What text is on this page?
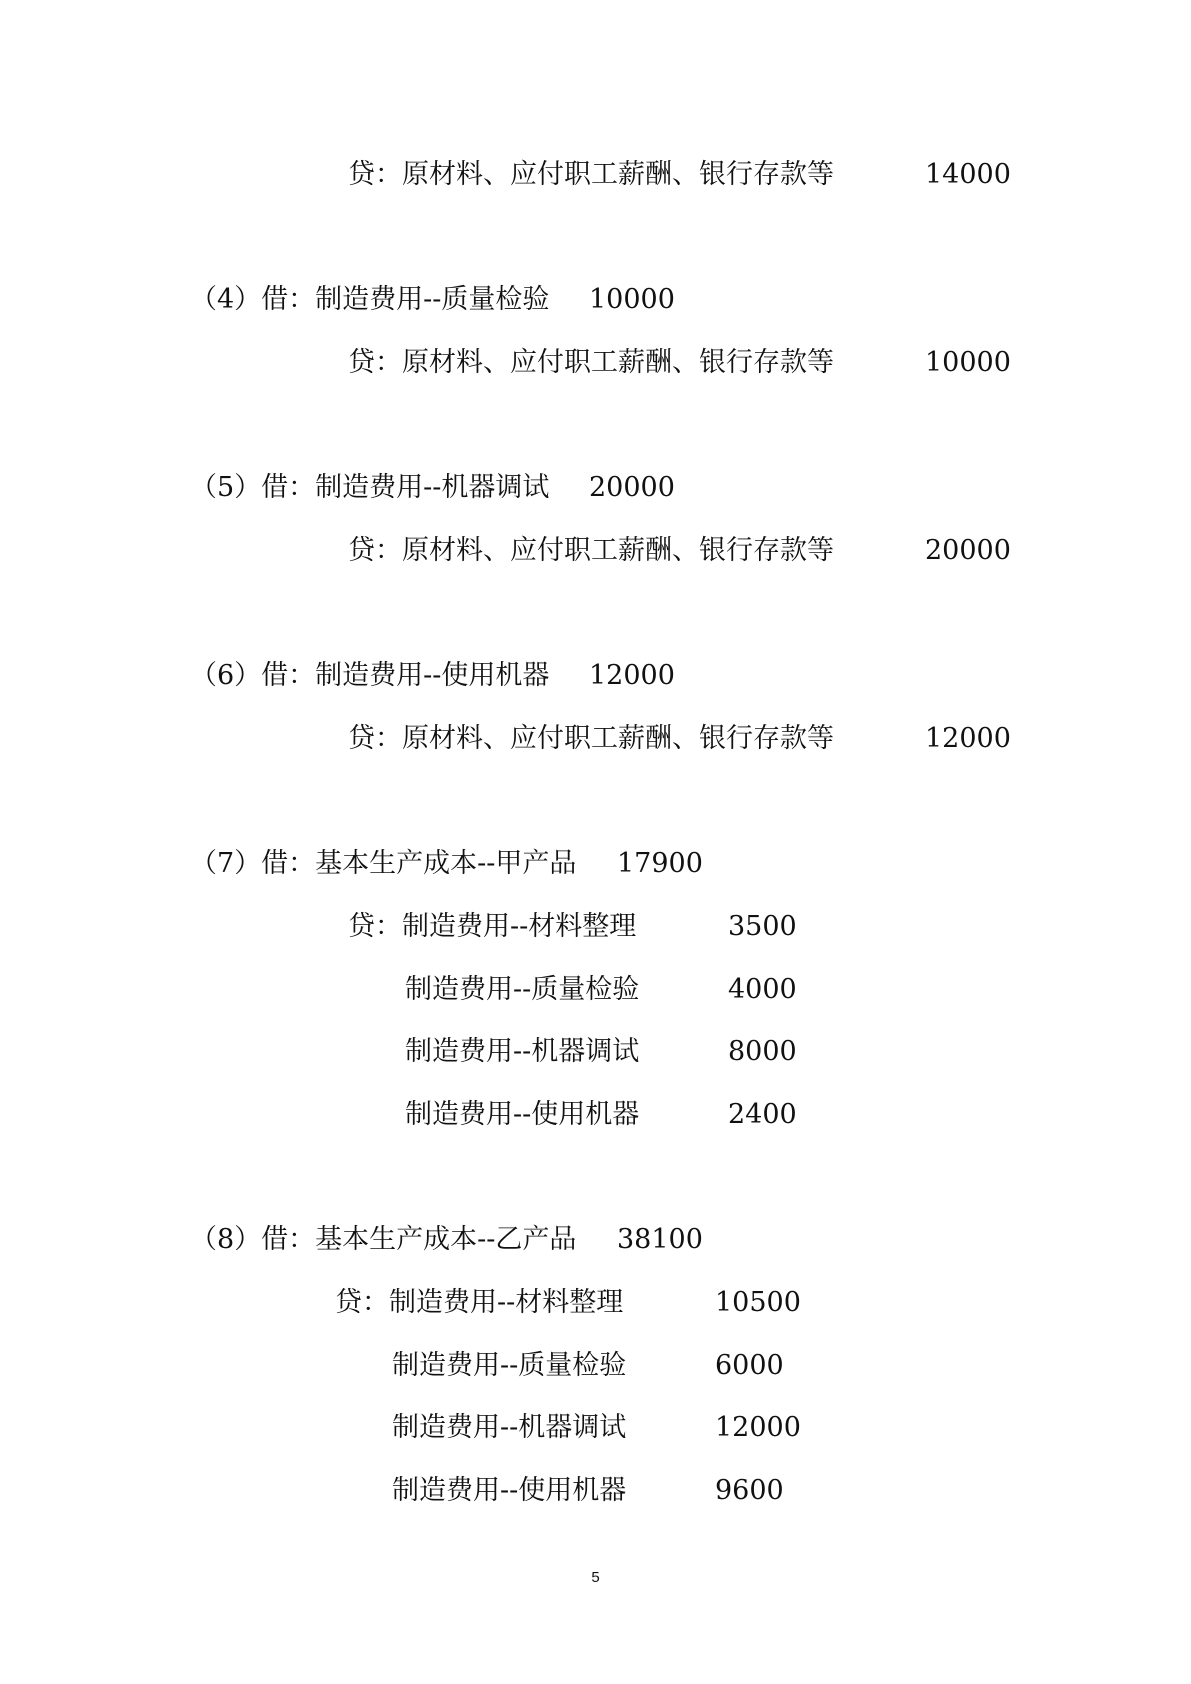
贷：原材料、应付职工薪酬、银行存款等	14000
（4）借：制造费用--质量检验 10000
贷：原材料、应付职工薪酬、银行存款等	10000
（5）借：制造费用--机器调试 20000
贷：原材料、应付职工薪酬、银行存款等	20000
（6）借：制造费用--使用机器 12000
贷：原材料、应付职工薪酬、银行存款等	12000
（7）借：基本生产成本--甲产品 17900
贷：制造费用--材料整理	3500
制造费用--质量检验	4000
制造费用--机器调试	8000
制造费用--使用机器	2400
（8）借：基本生产成本--乙产品 38100
贷：制造费用--材料整理	10500
制造费用--质量检验	6000
制造费用--机器调试	12000
制造费用--使用机器	9600
5
